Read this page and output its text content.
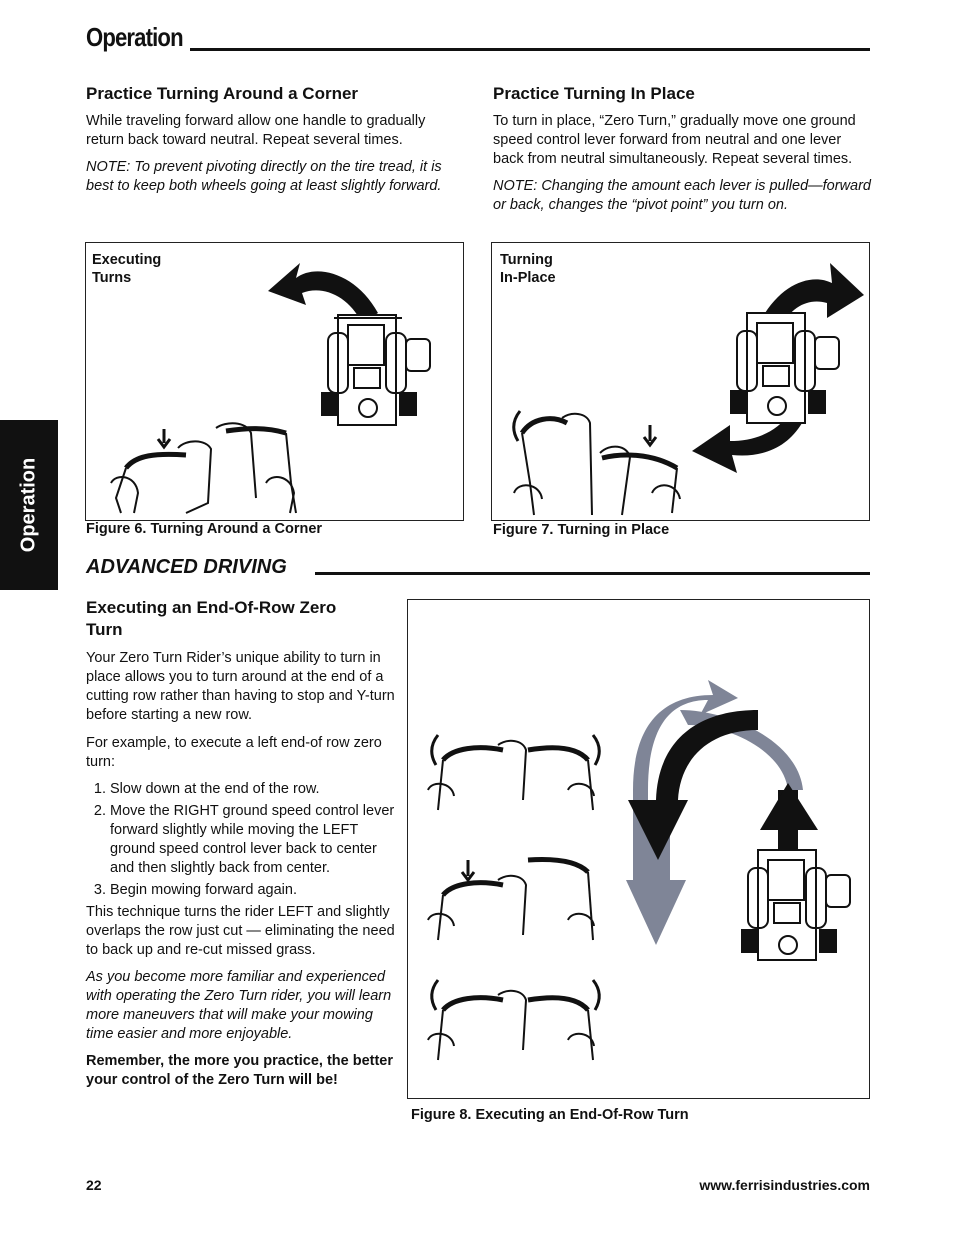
Operation
Operation
Practice Turning Around a Corner

While traveling forward allow one handle to gradually return back toward neutral. Repeat several times.

NOTE: To prevent pivoting directly on the tire tread, it is best to keep both wheels going at least slightly forward.

Practice Turning In Place

To turn in place, “Zero Turn,” gradually move one ground speed control lever forward from neutral and one lever back from neutral simultaneously. Repeat several times.

NOTE: Changing the amount each lever is pulled—forward or back, changes the “pivot point” you turn on.

Executing
Turns
Figure 6. Turning Around a Corner
Turning
In-Place
Figure 7. Turning in Place
ADVANCED DRIVING
Executing an End-Of-Row Zero
Turn

Your Zero Turn Rider’s unique ability to turn in place allows you to turn around at the end of a cutting row rather than having to stop and Y-turn before starting a new row.

For example, to execute a left end-of row zero turn:

1. Slow down at the end of the row.
2. Move the RIGHT ground speed control lever forward slightly while moving the LEFT ground speed control lever back to center and then slightly back from center.
3. Begin mowing forward again.

This technique turns the rider LEFT and slightly overlaps the row just cut — eliminating the need to back up and re-cut missed grass.

As you become more familiar and experienced with operating the Zero Turn rider, you will learn more maneuvers that will make your mowing time easier and more enjoyable.

Remember, the more you practice, the better your control of the Zero Turn will be!

Figure 8. Executing an End-Of-Row Turn
22	www.ferrisindustries.com
